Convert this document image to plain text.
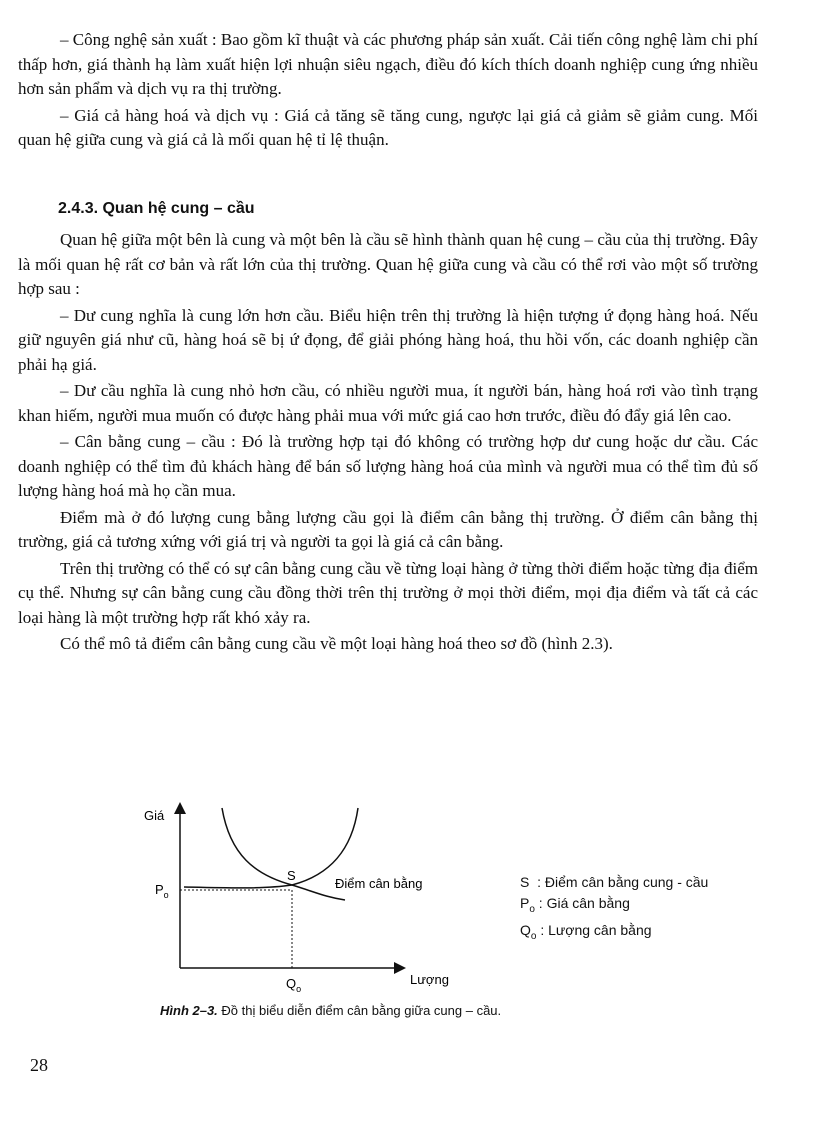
– Công nghệ sản xuất : Bao gồm kĩ thuật và các phương pháp sản xuất. Cải tiến công nghệ làm chi phí thấp hơn, giá thành hạ làm xuất hiện lợi nhuận siêu ngạch, điều đó kích thích doanh nghiệp cung ứng nhiều hơn sản phẩm và dịch vụ ra thị trường.

– Giá cả hàng hoá và dịch vụ : Giá cả tăng sẽ tăng cung, ngược lại giá cả giảm sẽ giảm cung. Mối quan hệ giữa cung và giá cả là mối quan hệ tỉ lệ thuận.

2.4.3. Quan hệ cung – cầu

Quan hệ giữa một bên là cung và một bên là cầu sẽ hình thành quan hệ cung – cầu của thị trường. Đây là mối quan hệ rất cơ bản và rất lớn của thị trường. Quan hệ giữa cung và cầu có thể rơi vào một số trường hợp sau :

– Dư cung nghĩa là cung lớn hơn cầu. Biểu hiện trên thị trường là hiện tượng ứ đọng hàng hoá. Nếu giữ nguyên giá như cũ, hàng hoá sẽ bị ứ đọng, để giải phóng hàng hoá, thu hồi vốn, các doanh nghiệp cần phải hạ giá.

– Dư cầu nghĩa là cung nhỏ hơn cầu, có nhiều người mua, ít người bán, hàng hoá rơi vào tình trạng khan hiếm, người mua muốn có được hàng phải mua với mức giá cao hơn trước, điều đó đẩy giá lên cao.

– Cân bằng cung – cầu : Đó là trường hợp tại đó không có trường hợp dư cung hoặc dư cầu. Các doanh nghiệp có thể tìm đủ khách hàng để bán số lượng hàng hoá của mình và người mua có thể tìm đủ số lượng hàng hoá mà họ cần mua.

Điểm mà ở đó lượng cung bằng lượng cầu gọi là điểm cân bằng thị trường. Ở điểm cân bằng thị trường, giá cả tương xứng với giá trị và người ta gọi là giá cả cân bằng.

Trên thị trường có thể có sự cân bằng cung cầu về từng loại hàng ở từng thời điểm hoặc từng địa điểm cụ thể. Nhưng sự cân bằng cung cầu đồng thời trên thị trường ở mọi thời điểm, mọi địa điểm và tất cả các loại hàng là một trường hợp rất khó xảy ra.

Có thể mô tả điểm cân bằng cung cầu về một loại hàng hoá theo sơ đồ (hình 2.3).

Giá
Lượng
$P_o$
$Q_o$
S
Điểm cân bằng	S : Điểm cân bằng cung - cầu
$P_o$ : Giá cân bằng
$Q_o$ : Lượng cân bằng
Hình 2–3. Đồ thị biểu diễn điểm cân bằng giữa cung – cầu.
28
